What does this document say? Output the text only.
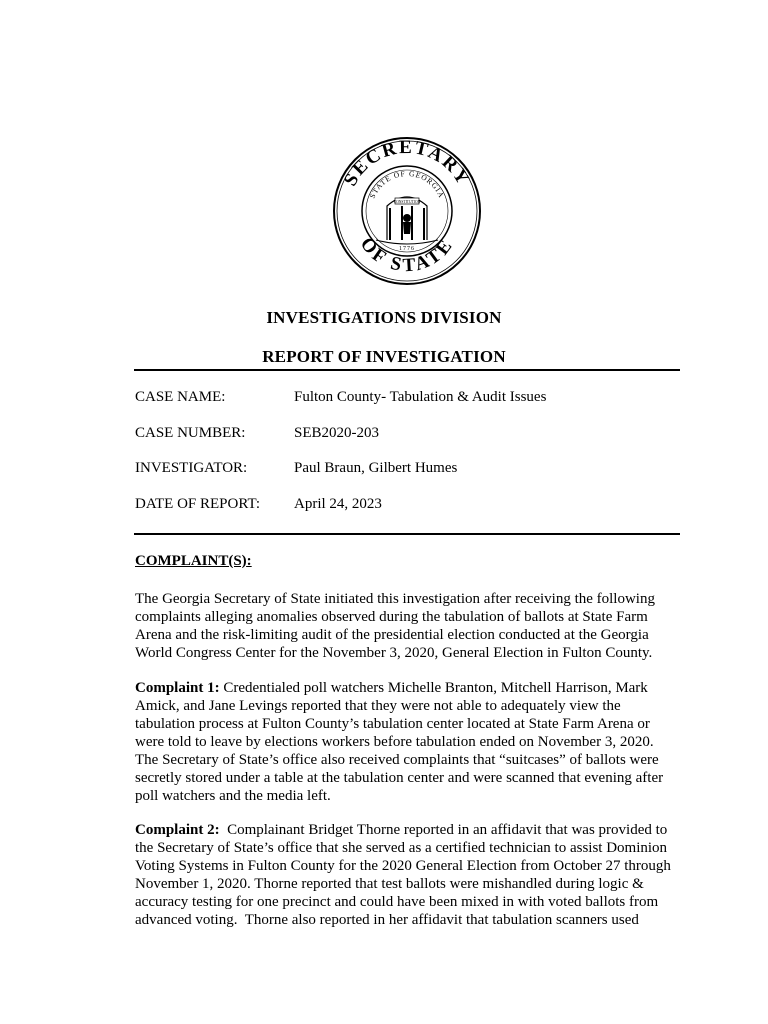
SECRETARY
OF STATE
STATE OF GEORGIA
CONSTITUTION
1776
INVESTIGATIONS DIVISION
REPORT OF INVESTIGATION
CASE NAME:	Fulton County- Tabulation & Audit Issues
CASE NUMBER:	SEB2020-203
INVESTIGATOR:	Paul Braun, Gilbert Humes
DATE OF REPORT: April 24, 2023
COMPLAINT(S):
The Georgia Secretary of State initiated this investigation after receiving the following
complaints alleging anomalies observed during the tabulation of ballots at State Farm
Arena and the risk-limiting audit of the presidential election conducted at the Georgia
World Congress Center for the November 3, 2020, General Election in Fulton County.
Complaint 1: Credentialed poll watchers Michelle Branton, Mitchell Harrison, Mark
Amick, and Jane Levings reported that they were not able to adequately view the
tabulation process at Fulton County’s tabulation center located at State Farm Arena or
were told to leave by elections workers before tabulation ended on November 3, 2020.
The Secretary of State’s office also received complaints that “suitcases” of ballots were
secretly stored under a table at the tabulation center and were scanned that evening after
poll watchers and the media left.
Complaint 2:  Complainant Bridget Thorne reported in an affidavit that was provided to
the Secretary of State’s office that she served as a certified technician to assist Dominion
Voting Systems in Fulton County for the 2020 General Election from October 27 through
November 1, 2020. Thorne reported that test ballots were mishandled during logic &
accuracy testing for one precinct and could have been mixed in with voted ballots from
advanced voting.  Thorne also reported in her affidavit that tabulation scanners used
